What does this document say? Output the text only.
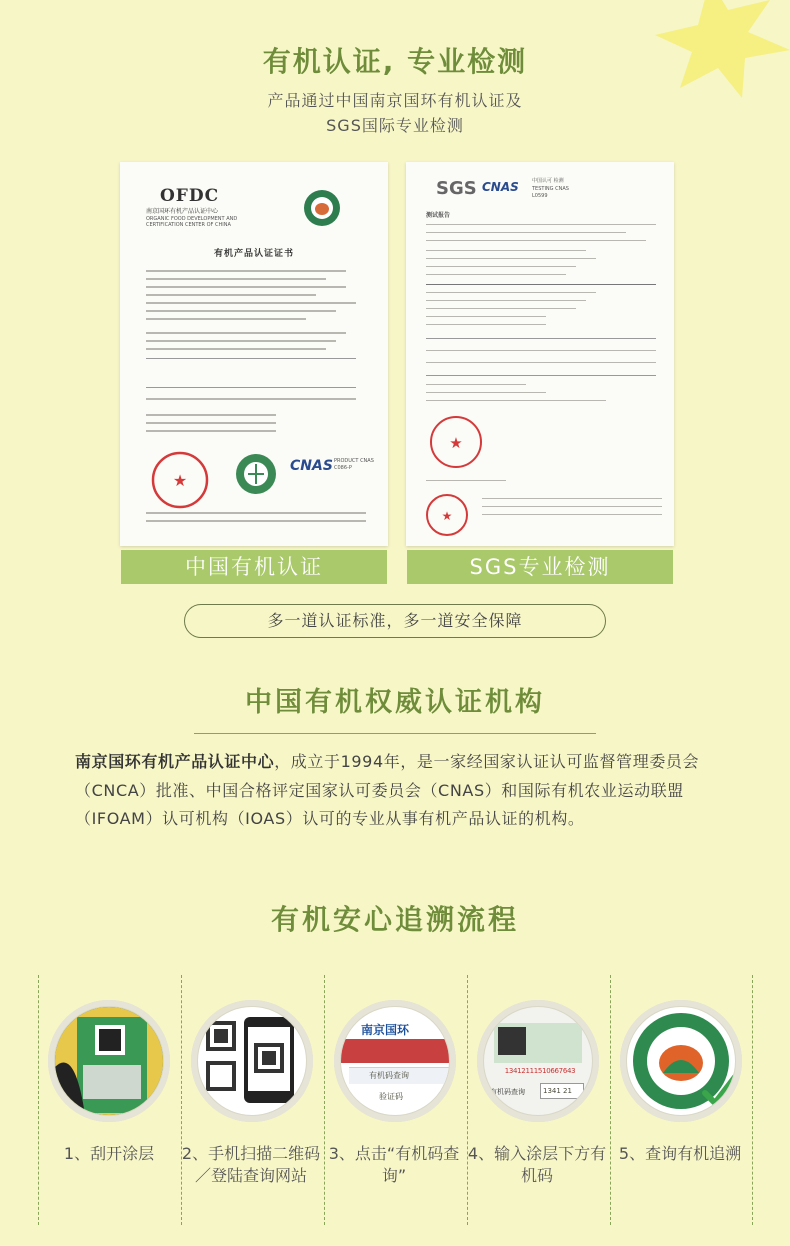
有机认证, 专业检测
产品通过中国南京国环有机认证及
SGS国际专业检测
OFDC
南京国环有机产品认证中心
ORGANIC FOOD DEVELOPMENT AND
CERTIFICATION CENTER OF CHINA
有机产品认证证书
★
CNAS PRODUCT CNAS C086-P
中国有机认证
SGS CNAS	中国认可 检测
TESTING CNAS L0599
测试报告
★
★
SGS专业检测
多一道认证标准，多一道安全保障
中国有机权威认证机构
南京国环有机产品认证中心，成立于1994年，是一家经国家认证认可监督管理委员会（CNCA）批准、中国合格评定国家认可委员会（CNAS）和国际有机农业运动联盟（IFOAM）认可机构（IOAS）认可的专业从事有机产品认证的机构。
有机安心追溯流程
1、刮开涂层	2、手机扫描二维码／登陆查询网站
南京国环
有机码查询
验证码
3、点击“有机码查询”
13412111510667643
有机码查询	1341 21
4、输入涂层下方有机码
5、查询有机追溯
